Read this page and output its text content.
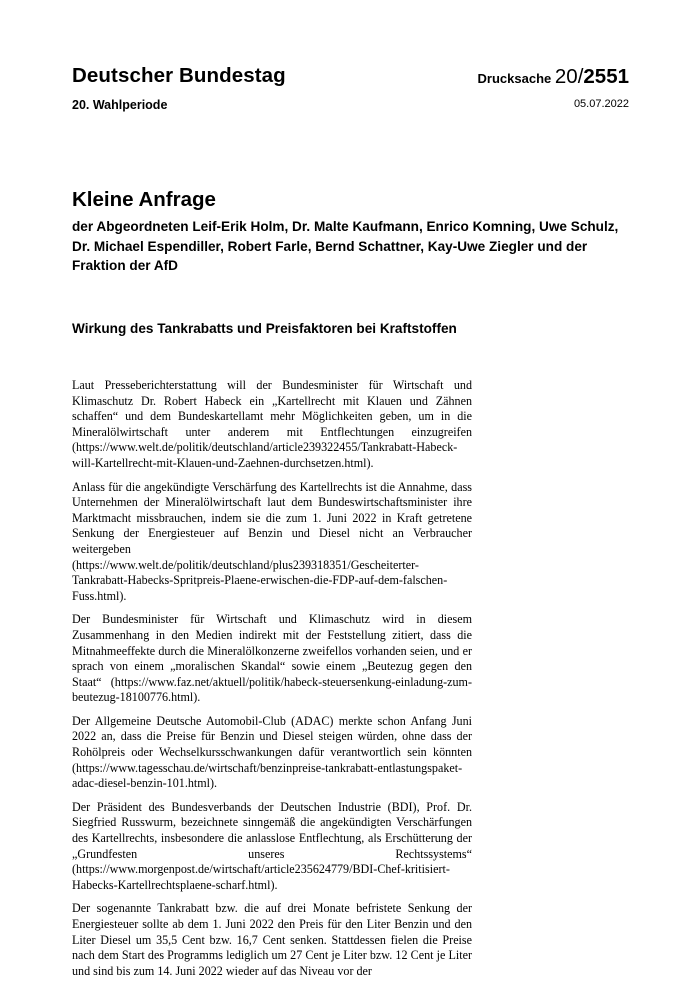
Deutscher Bundestag
20. Wahlperiode
Drucksache 20/2551
05.07.2022
Kleine Anfrage
der Abgeordneten Leif-Erik Holm, Dr. Malte Kaufmann, Enrico Komning, Uwe Schulz, Dr. Michael Espendiller, Robert Farle, Bernd Schattner, Kay-Uwe Ziegler und der Fraktion der AfD
Wirkung des Tankrabatts und Preisfaktoren bei Kraftstoffen

Laut Presseberichterstattung will der Bundesminister für Wirtschaft und Klimaschutz Dr. Robert Habeck ein „Kartellrecht mit Klauen und Zähnen schaffen“ und dem Bundeskartellamt mehr Möglichkeiten geben, um in die Mineralölwirtschaft unter anderem mit Entflechtungen einzugreifen (https://www.welt.de/politik/deutschland/article239322455/Tankrabatt-Habeck-will-Kartellrecht-mit-Klauen-und-Zaehnen-durchsetzen.html).

Anlass für die angekündigte Verschärfung des Kartellrechts ist die Annahme, dass Unternehmen der Mineralölwirtschaft laut dem Bundeswirtschaftsminister ihre Marktmacht missbrauchen, indem sie die zum 1. Juni 2022 in Kraft getretene Senkung der Energiesteuer auf Benzin und Diesel nicht an Verbraucher weitergeben (https://www.welt.de/politik/deutschland/plus239318351/Gescheiterter-Tankrabatt-Habecks-Spritpreis-Plaene-erwischen-die-FDP-auf-dem-falschen-Fuss.html).

Der Bundesminister für Wirtschaft und Klimaschutz wird in diesem Zusammenhang in den Medien indirekt mit der Feststellung zitiert, dass die Mitnahmeeffekte durch die Mineralölkonzerne zweifellos vorhanden seien, und er sprach von einem „moralischen Skandal“ sowie einem „Beutezug gegen den Staat“ (https://www.faz.net/aktuell/politik/habeck-steuersenkung-einladung-zum-beutezug-18100776.html).

Der Allgemeine Deutsche Automobil-Club (ADAC) merkte schon Anfang Juni 2022 an, dass die Preise für Benzin und Diesel steigen würden, ohne dass der Rohölpreis oder Wechselkursschwankungen dafür verantwortlich sein könnten (https://www.tagesschau.de/wirtschaft/benzinpreise-tankrabatt-entlastungspaket-adac-diesel-benzin-101.html).

Der Präsident des Bundesverbands der Deutschen Industrie (BDI), Prof. Dr. Siegfried Russwurm, bezeichnete sinngemäß die angekündigten Verschärfungen des Kartellrechts, insbesondere die anlasslose Entflechtung, als Erschütterung der „Grundfesten unseres Rechtssystems“ (https://www.morgenpost.de/wirtschaft/article235624779/BDI-Chef-kritisiert-Habecks-Kartellrechtsplaene-scharf.html).

Der sogenannte Tankrabatt bzw. die auf drei Monate befristete Senkung der Energiesteuer sollte ab dem 1. Juni 2022 den Preis für den Liter Benzin und den Liter Diesel um 35,5 Cent bzw. 16,7 Cent senken. Stattdessen fielen die Preise nach dem Start des Programms lediglich um 27 Cent je Liter bzw. 12 Cent je Liter und sind bis zum 14. Juni 2022 wieder auf das Niveau vor der
